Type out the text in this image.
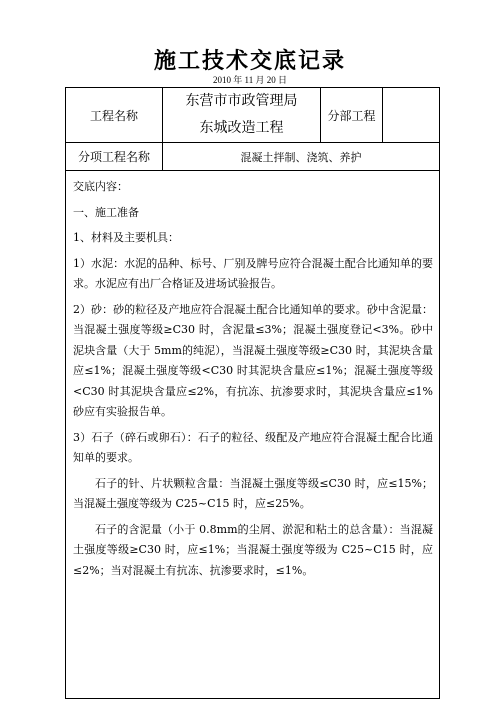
施工技术交底记录
2010 年 11 月 20 日
工程名称
东营市市政管理局
东城改造工程
分部工程
分项工程名称	混凝土拌制、浇筑、养护

交底内容：

一、施工准备

1、材料及主要机具：

1）水泥：水泥的品种、标号、厂别及牌号应符合混凝土配合比通知单的要求。水泥应有出厂合格证及进场试验报告。

2）砂：砂的粒径及产地应符合混凝土配合比通知单的要求。砂中含泥量：当混凝土强度等级≥C30 时，含泥量≤3%；混凝土强度登记<3%。砂中泥块含量（大于 5mm的纯泥），当混凝土强度等级≥C30 时，其泥块含量应≤1%；混凝土强度等级<C30 时其泥块含量应≤1%；混凝土强度等级<C30 时其泥块含量应≤2%，有抗冻、抗渗要求时，其泥块含量应≤1%砂应有实验报告单。

3）石子（碎石或卵石）：石子的粒径、级配及产地应符合混凝土配合比通知单的要求。

石子的针、片状颗粒含量：当混凝土强度等级≤C30 时，应≤15%；当混凝土强度等级为 C25~C15 时，应≤25%。

石子的含泥量（小于 0.8mm的尘屑、淤泥和粘土的总含量）：当混凝土强度等级≥C30 时，应≤1%；当混凝土强度等级为 C25~C15 时，应≤2%；当对混凝土有抗冻、抗渗要求时，≤1%。
